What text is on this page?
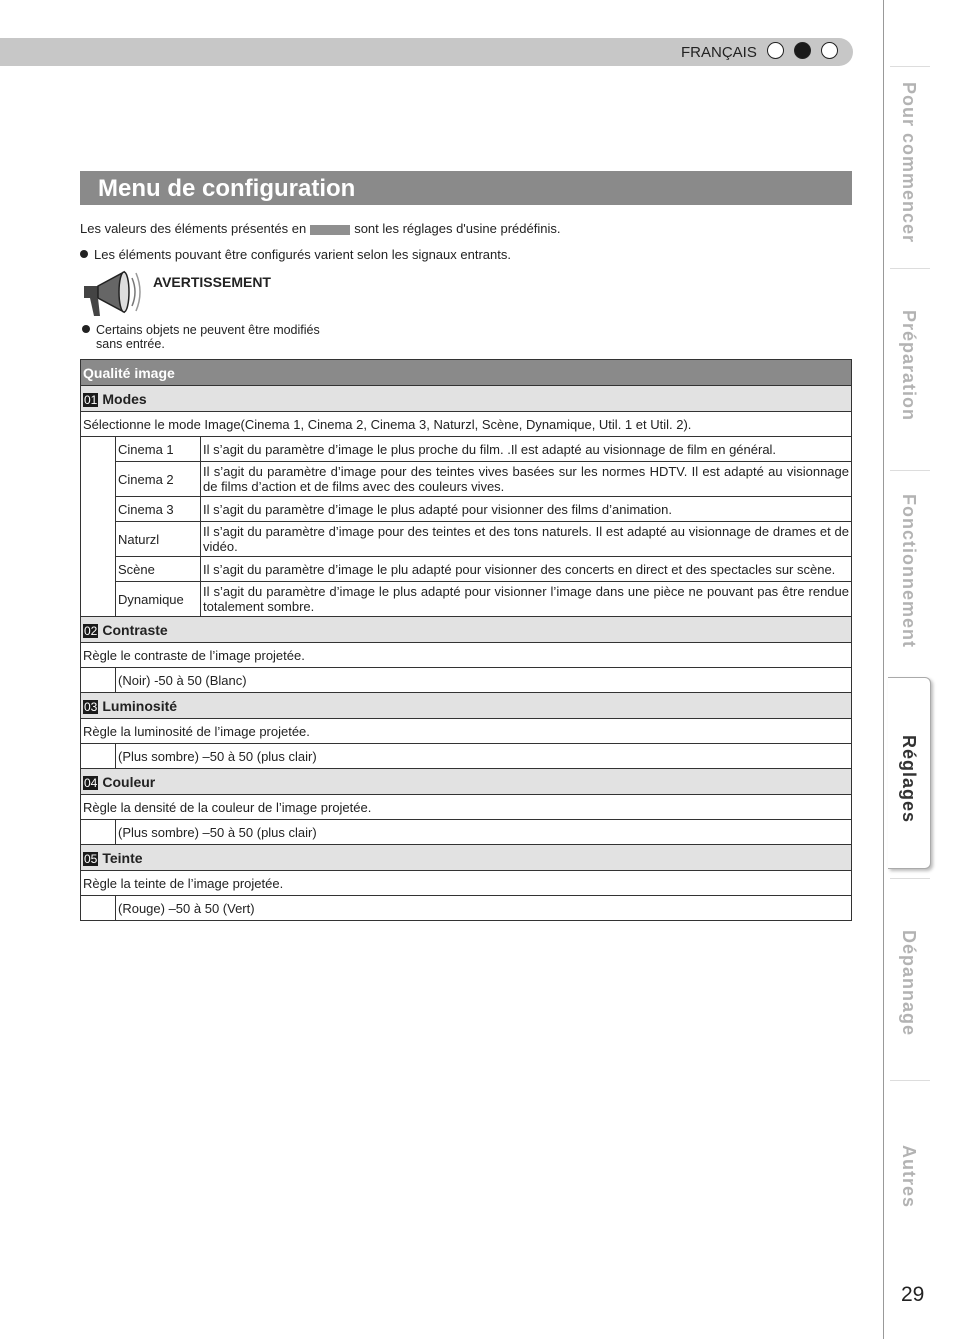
FRANÇAIS
Menu de configuration
Les valeurs des éléments présentés en	sont les réglages d'usine prédéfinis.
Les éléments pouvant être configurés varient selon les signaux entrants.
AVERTISSEMENT
Certains objets ne peuvent être modifiés
sans entrée.
Qualité image		
01 Modes		
Sélectionne le mode Image(Cinema 1, Cinema 2, Cinema 3, Naturzl, Scène, Dynamique, Util. 1 et Util. 2).		
	Cinema 1	Il s’agit du paramètre d’image le plus proche du film. .Il est adapté au visionnage de film en général.
	Cinema 2	Il s’agit du paramètre d’image pour des teintes vives basées sur les normes HDTV. Il est adapté au visionnage de films d’action et de films avec des couleurs vives.
	Cinema 3	Il s’agit du paramètre d’image le plus adapté pour visionner des films d’animation.
	Naturzl	Il s’agit du paramètre d’image pour des teintes et des tons naturels. Il est adapté au visionnage de drames et de vidéo.
	Scène	Il s’agit du paramètre d’image le plu adapté pour visionner des concerts en direct et des spectacles sur scène.
	Dynamique	Il s’agit du paramètre d’image le plus adapté pour visionner l’image dans une pièce ne pouvant pas être rendue totalement sombre.
02 Contraste		
Règle le contraste de l’image projetée.		
	(Noir) -50 à 50 (Blanc)	
03 Luminosité		
Règle la luminosité de l’image projetée.		
	(Plus sombre) –50 à 50 (plus clair)	
04 Couleur		
Règle la densité de la couleur de l’image projetée.		
	(Plus sombre) –50 à 50 (plus clair)	
05 Teinte		
Règle la teinte de l’image projetée.		
	(Rouge) –50 à 50 (Vert)	
Pour commencer
Préparation
Fonctionnement
Réglages
Dépannage
Autres
29
